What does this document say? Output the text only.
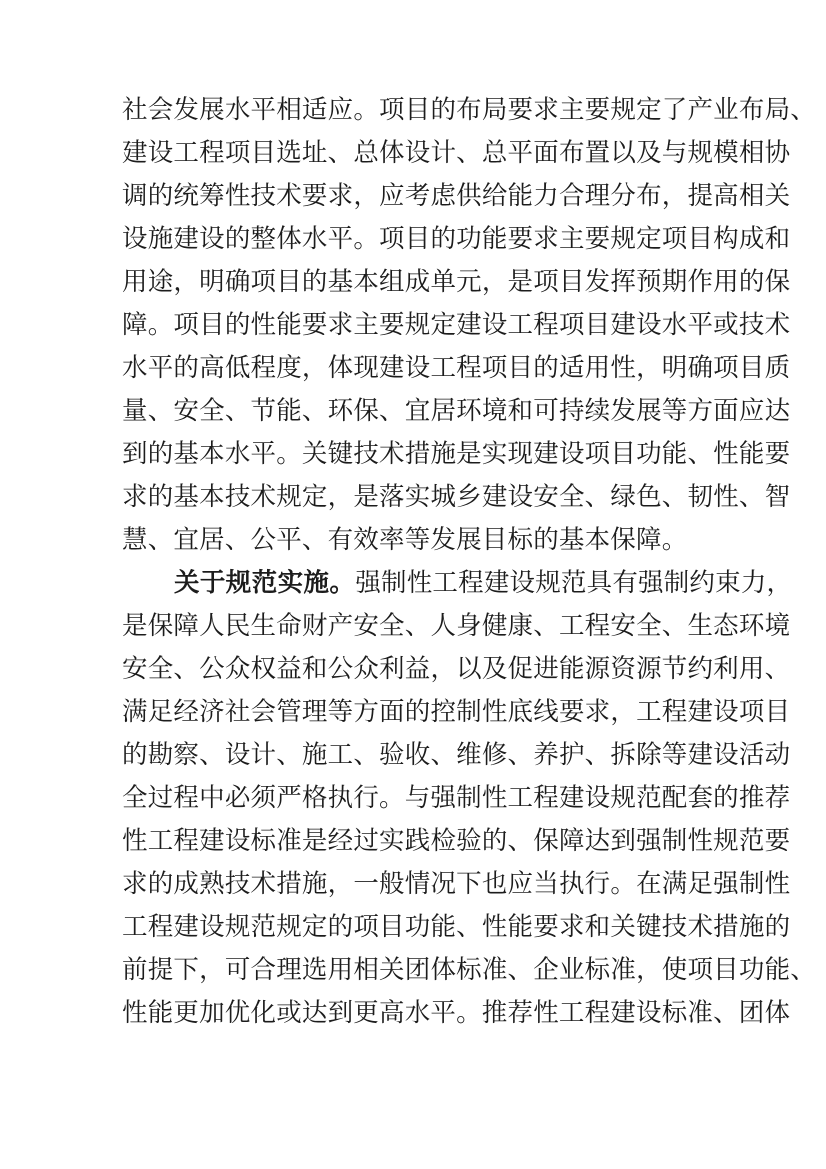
社 会 发 展 水 平 相 适 应 。 项 目 的 布 局 要 求 主 要 规 定 了 产 业 布 局 、
建 设 工 程 项 目 选 址 、 总 体 设 计 、 总 平 面 布 置 以 及 与 规 模 相 协
调 的 统 筹 性 技 术 要 求 ， 应 考 虑 供 给 能 力 合 理 分 布 ， 提 高 相 关
设 施 建 设 的 整 体 水 平 。 项 目 的 功 能 要 求 主 要 规 定 项 目 构 成 和
用 途 ， 明 确 项 目 的 基 本 组 成 单 元 ， 是 项 目 发 挥 预 期 作 用 的 保
障 。 项 目 的 性 能 要 求 主 要 规 定 建 设 工 程 项 目 建 设 水 平 或 技 术
水 平 的 高 低 程 度 ， 体 现 建 设 工 程 项 目 的 适 用 性 ， 明 确 项 目 质
量 、 安 全 、 节 能 、 环 保 、 宜 居 环 境 和 可 持 续 发 展 等 方 面 应 达
到 的 基 本 水 平 。 关 键 技 术 措 施 是 实 现 建 设 项 目 功 能 、 性 能 要
求 的 基 本 技 术 规 定 ， 是 落 实 城 乡 建 设 安 全 、 绿 色 、 韧 性 、 智
慧、宜居、公平、有效率等发展目标的基本保障。
关于规范实施。强制性工程建设规范具有强制约束力，
是 保 障 人 民 生 命 财 产 安 全 、 人 身 健 康 、 工 程 安 全 、 生 态 环 境
安 全 、 公 众 权 益 和 公 众 利 益 ， 以 及 促 进 能 源 资 源 节 约 利 用 、
满 足 经 济 社 会 管 理 等 方 面 的 控 制 性 底 线 要 求 ， 工 程 建 设 项 目
的 勘 察 、 设 计 、 施 工 、 验 收 、 维 修 、 养 护 、 拆 除 等 建 设 活 动
全 过 程 中 必 须 严 格 执 行 。 与 强 制 性 工 程 建 设 规 范 配 套 的 推 荐
性 工 程 建 设 标 准 是 经 过 实 践 检 验 的 、 保 障 达 到 强 制 性 规 范 要
求 的 成 熟 技 术 措 施 ， 一 般 情 况 下 也 应 当 执 行 。 在 满 足 强 制 性
工 程 建 设 规 范 规 定 的 项 目 功 能 、 性 能 要 求 和 关 键 技 术 措 施 的
前 提 下 ， 可 合 理 选 用 相 关 团 体 标 准 、 企 业 标 准 ， 使 项 目 功 能 、
性能更加优化或达到更高水平。推荐性工程建设标准、团体
